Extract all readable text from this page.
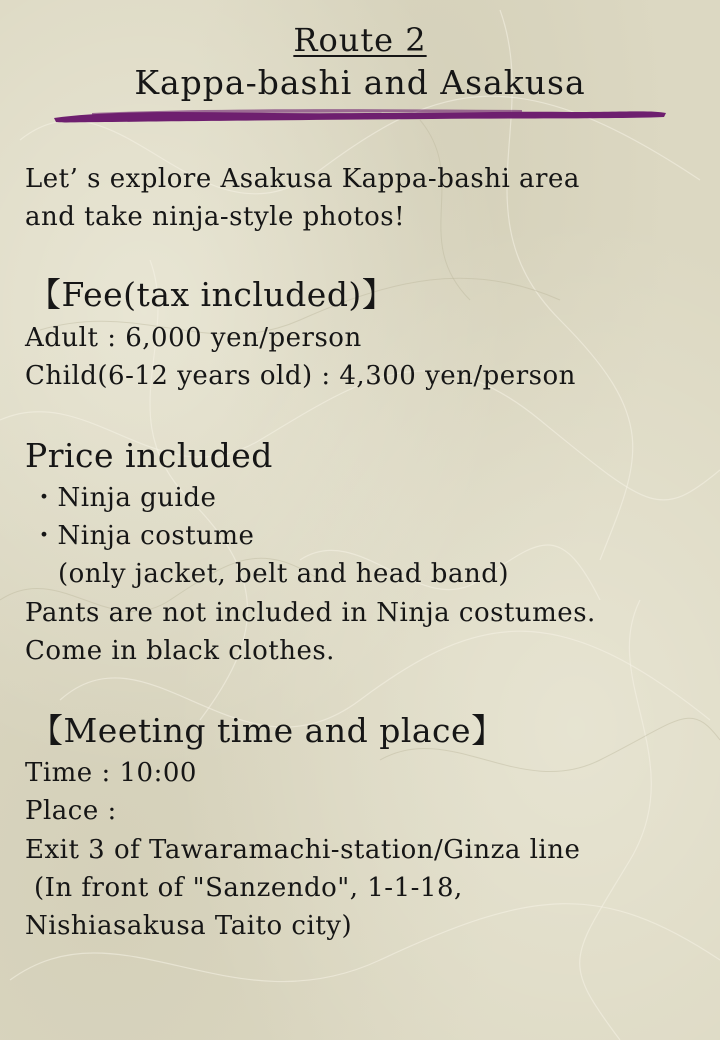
Route 2
Kappa-bashi and Asakusa
Let’ s explore Asakusa Kappa-bashi area
and take ninja-style photos!
【Fee(tax included)】
Adult : 6,000 yen/person
Child(6-12 years old) : 4,300 yen/person
Price included
・Ninja guide
・Ninja costume
(only jacket, belt and head band)
Pants are not included in Ninja costumes.
Come in black clothes.
【Meeting time and place】
Time : 10:00
Place :
Exit 3 of Tawaramachi-station/Ginza line
(In front of "Sanzendo", 1-1-18,
Nishiasakusa Taito city)
